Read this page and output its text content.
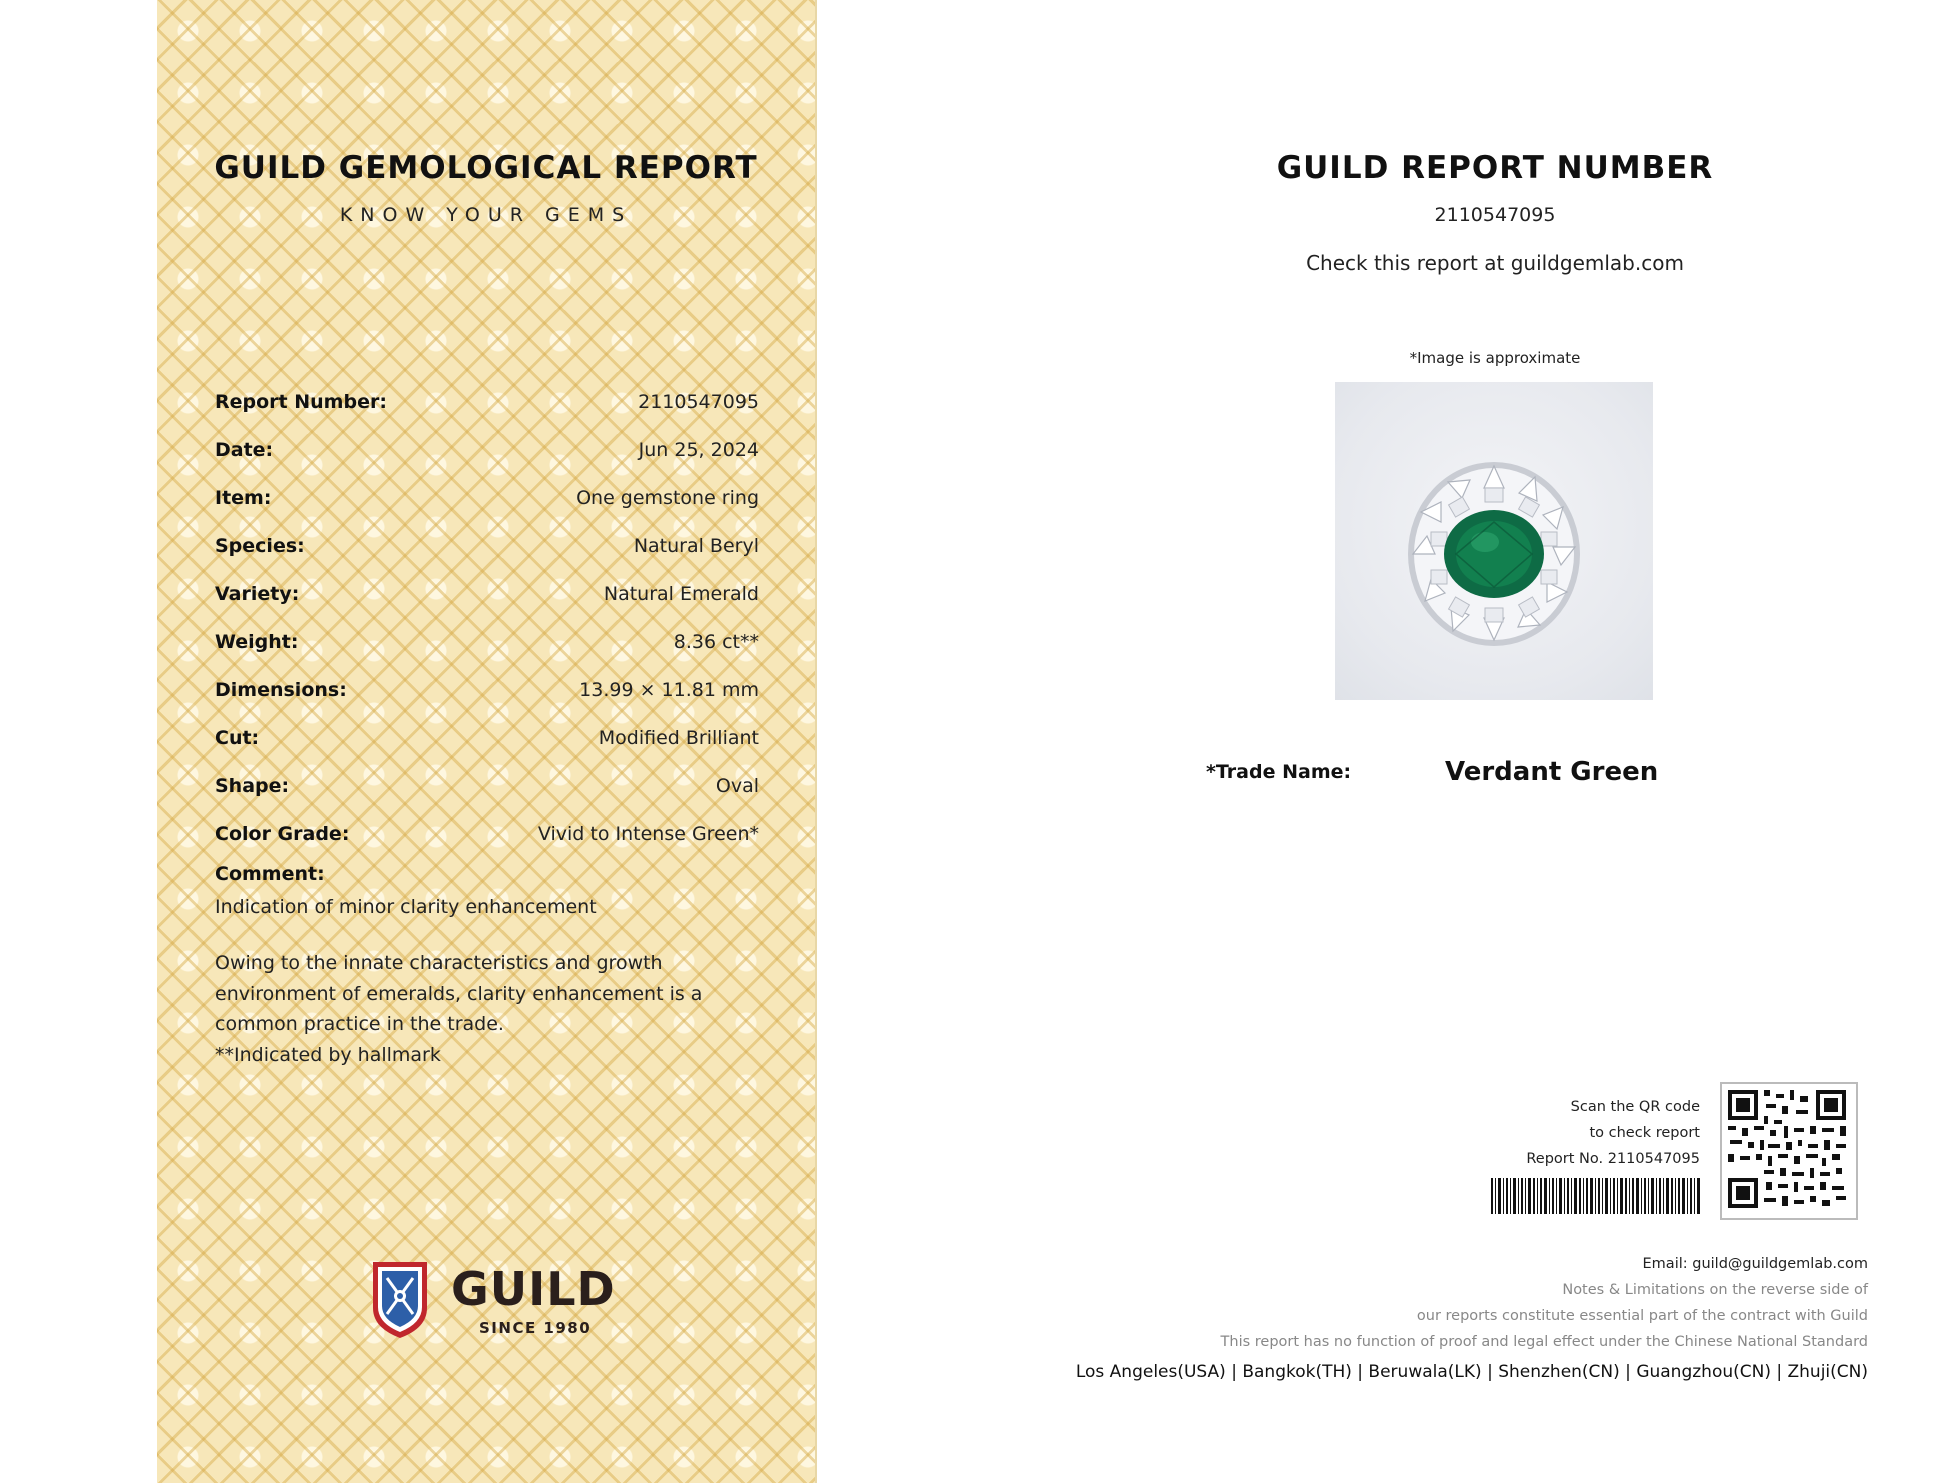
GUILD GEMOLOGICAL REPORT
KNOW YOUR GEMS
Report Number:	2110547095
Date:	Jun 25, 2024
Item:	One gemstone ring
Species:	Natural Beryl
Variety:	Natural Emerald
Weight:	8.36 ct**
Dimensions:	13.99 × 11.81 mm
Cut:	Modified Brilliant
Shape:	Oval
Color Grade:	Vivid to Intense Green*
Comment:
Indication of minor clarity enhancement
Owing to the innate characteristics and growth
environment of emeralds, clarity enhancement is a
common practice in the trade.
**Indicated by hallmark
GUILD
SINCE 1980
GUILD REPORT NUMBER
2110547095
Check this report at guildgemlab.com
*Image is approximate
*Trade Name:	Verdant Green
Scan the QR code
to check report
Report No. 2110547095
Email: guild@guildgemlab.com
Notes & Limitations on the reverse side of
our reports constitute essential part of the contract with Guild
This report has no function of proof and legal effect under the Chinese National Standard
Los Angeles(USA) | Bangkok(TH) | Beruwala(LK) | Shenzhen(CN) | Guangzhou(CN) | Zhuji(CN)
